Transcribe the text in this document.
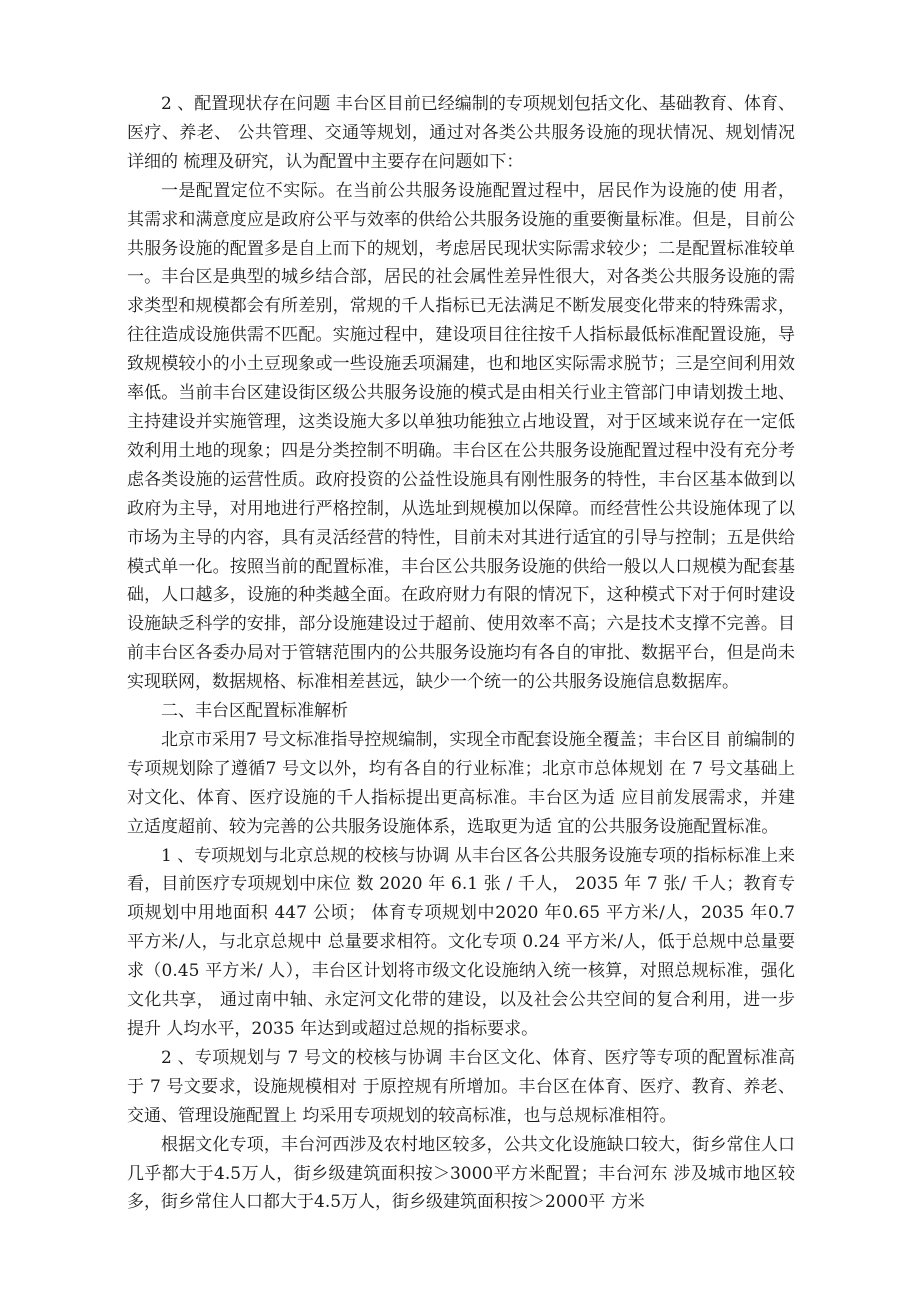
2 、配置现状存在问题 丰台区目前已经编制的专项规划包括文化、基础教育、体育、医疗、养老、 公共管理、交通等规划，通过对各类公共服务设施的现状情况、规划情况详细的 梳理及研究，认为配置中主要存在问题如下：

一是配置定位不实际。在当前公共服务设施配置过程中，居民作为设施的使 用者，其需求和满意度应是政府公平与效率的供给公共服务设施的重要衡量标准。但是，目前公共服务设施的配置多是自上而下的规划，考虑居民现状实际需求较少；二是配置标准较单一。丰台区是典型的城乡结合部，居民的社会属性差异性很大，对各类公共服务设施的需求类型和规模都会有所差别，常规的千人指标已无法满足不断发展变化带来的特殊需求，往往造成设施供需不匹配。实施过程中，建设项目往往按千人指标最低标准配置设施，导致规模较小的小土豆现象或一些设施丢项漏建，也和地区实际需求脱节；三是空间利用效率低。当前丰台区建设街区级公共服务设施的模式是由相关行业主管部门申请划拨土地、主持建设并实施管理，这类设施大多以单独功能独立占地设置，对于区域来说存在一定低效利用土地的现象；四是分类控制不明确。丰台区在公共服务设施配置过程中没有充分考虑各类设施的运营性质。政府投资的公益性设施具有刚性服务的特性，丰台区基本做到以政府为主导，对用地进行严格控制，从选址到规模加以保障。而经营性公共设施体现了以市场为主导的内容，具有灵活经营的特性，目前未对其进行适宜的引导与控制；五是供给模式单一化。按照当前的配置标准，丰台区公共服务设施的供给一般以人口规模为配套基础，人口越多，设施的种类越全面。在政府财力有限的情况下，这种模式下对于何时建设设施缺乏科学的安排，部分设施建设过于超前、使用效率不高；六是技术支撑不完善。目前丰台区各委办局对于管辖范围内的公共服务设施均有各自的审批、数据平台，但是尚未实现联网，数据规格、标准相差甚远，缺少一个统一的公共服务设施信息数据库。

二、丰台区配置标准解析

北京市采用7 号文标准指导控规编制，实现全市配套设施全覆盖；丰台区目 前编制的专项规划除了遵循7 号文以外，均有各自的行业标准；北京市总体规划 在 7 号文基础上对文化、体育、医疗设施的千人指标提出更高标准。丰台区为适 应目前发展需求，并建立适度超前、较为完善的公共服务设施体系，选取更为适 宜的公共服务设施配置标准。

1 、专项规划与北京总规的校核与协调 从丰台区各公共服务设施专项的指标标准上来看，目前医疗专项规划中床位 数 2020 年 6.1 张 / 千人， 2035 年 7 张/ 千人；教育专项规划中用地面积 447 公顷； 体育专项规划中2020 年0.65 平方米/人，2035 年0.7 平方米/人，与北京总规中 总量要求相符。文化专项 0.24 平方米/人，低于总规中总量要求（0.45 平方米/ 人），丰台区计划将市级文化设施纳入统一核算，对照总规标准，强化文化共享， 通过南中轴、永定河文化带的建设，以及社会公共空间的复合利用，进一步提升 人均水平，2035 年达到或超过总规的指标要求。

2 、专项规划与 7 号文的校核与协调 丰台区文化、体育、医疗等专项的配置标准高于 7 号文要求，设施规模相对 于原控规有所增加。丰台区在体育、医疗、教育、养老、交通、管理设施配置上 均采用专项规划的较高标准，也与总规标准相符。

根据文化专项，丰台河西涉及农村地区较多，公共文化设施缺口较大，街乡常住人口几乎都大于4.5万人，街乡级建筑面积按＞3000平方米配置；丰台河东 涉及城市地区较多，街乡常住人口都大于4.5万人，街乡级建筑面积按＞2000平 方米
